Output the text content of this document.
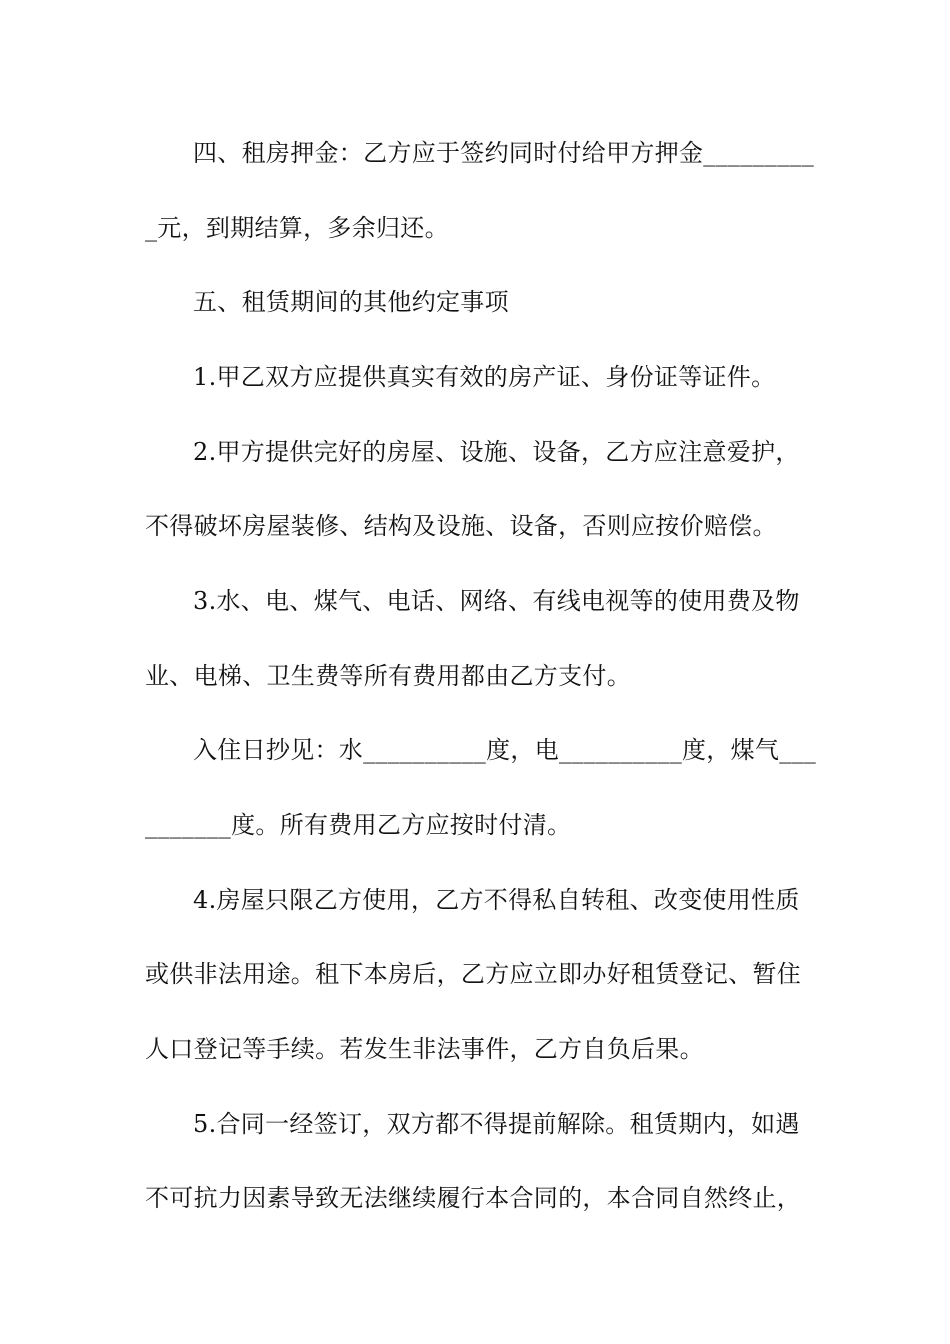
四、租房押金：乙方应于签约同时付给甲方押金_________
_元，到期结算，多余归还。
五、租赁期间的其他约定事项
1.甲乙双方应提供真实有效的房产证、身份证等证件。
2.甲方提供完好的房屋、设施、设备，乙方应注意爱护，
不得破坏房屋装修、结构及设施、设备，否则应按价赔偿。
3.水、电、煤气、电话、网络、有线电视等的使用费及物
业、电梯、卫生费等所有费用都由乙方支付。
入住日抄见：水__________度，电__________度，煤气___
_______度。所有费用乙方应按时付清。
4.房屋只限乙方使用，乙方不得私自转租、改变使用性质
或供非法用途。租下本房后，乙方应立即办好租赁登记、暂住
人口登记等手续。若发生非法事件，乙方自负后果。
5.合同一经签订，双方都不得提前解除。租赁期内，如遇
不可抗力因素导致无法继续履行本合同的，本合同自然终止，
